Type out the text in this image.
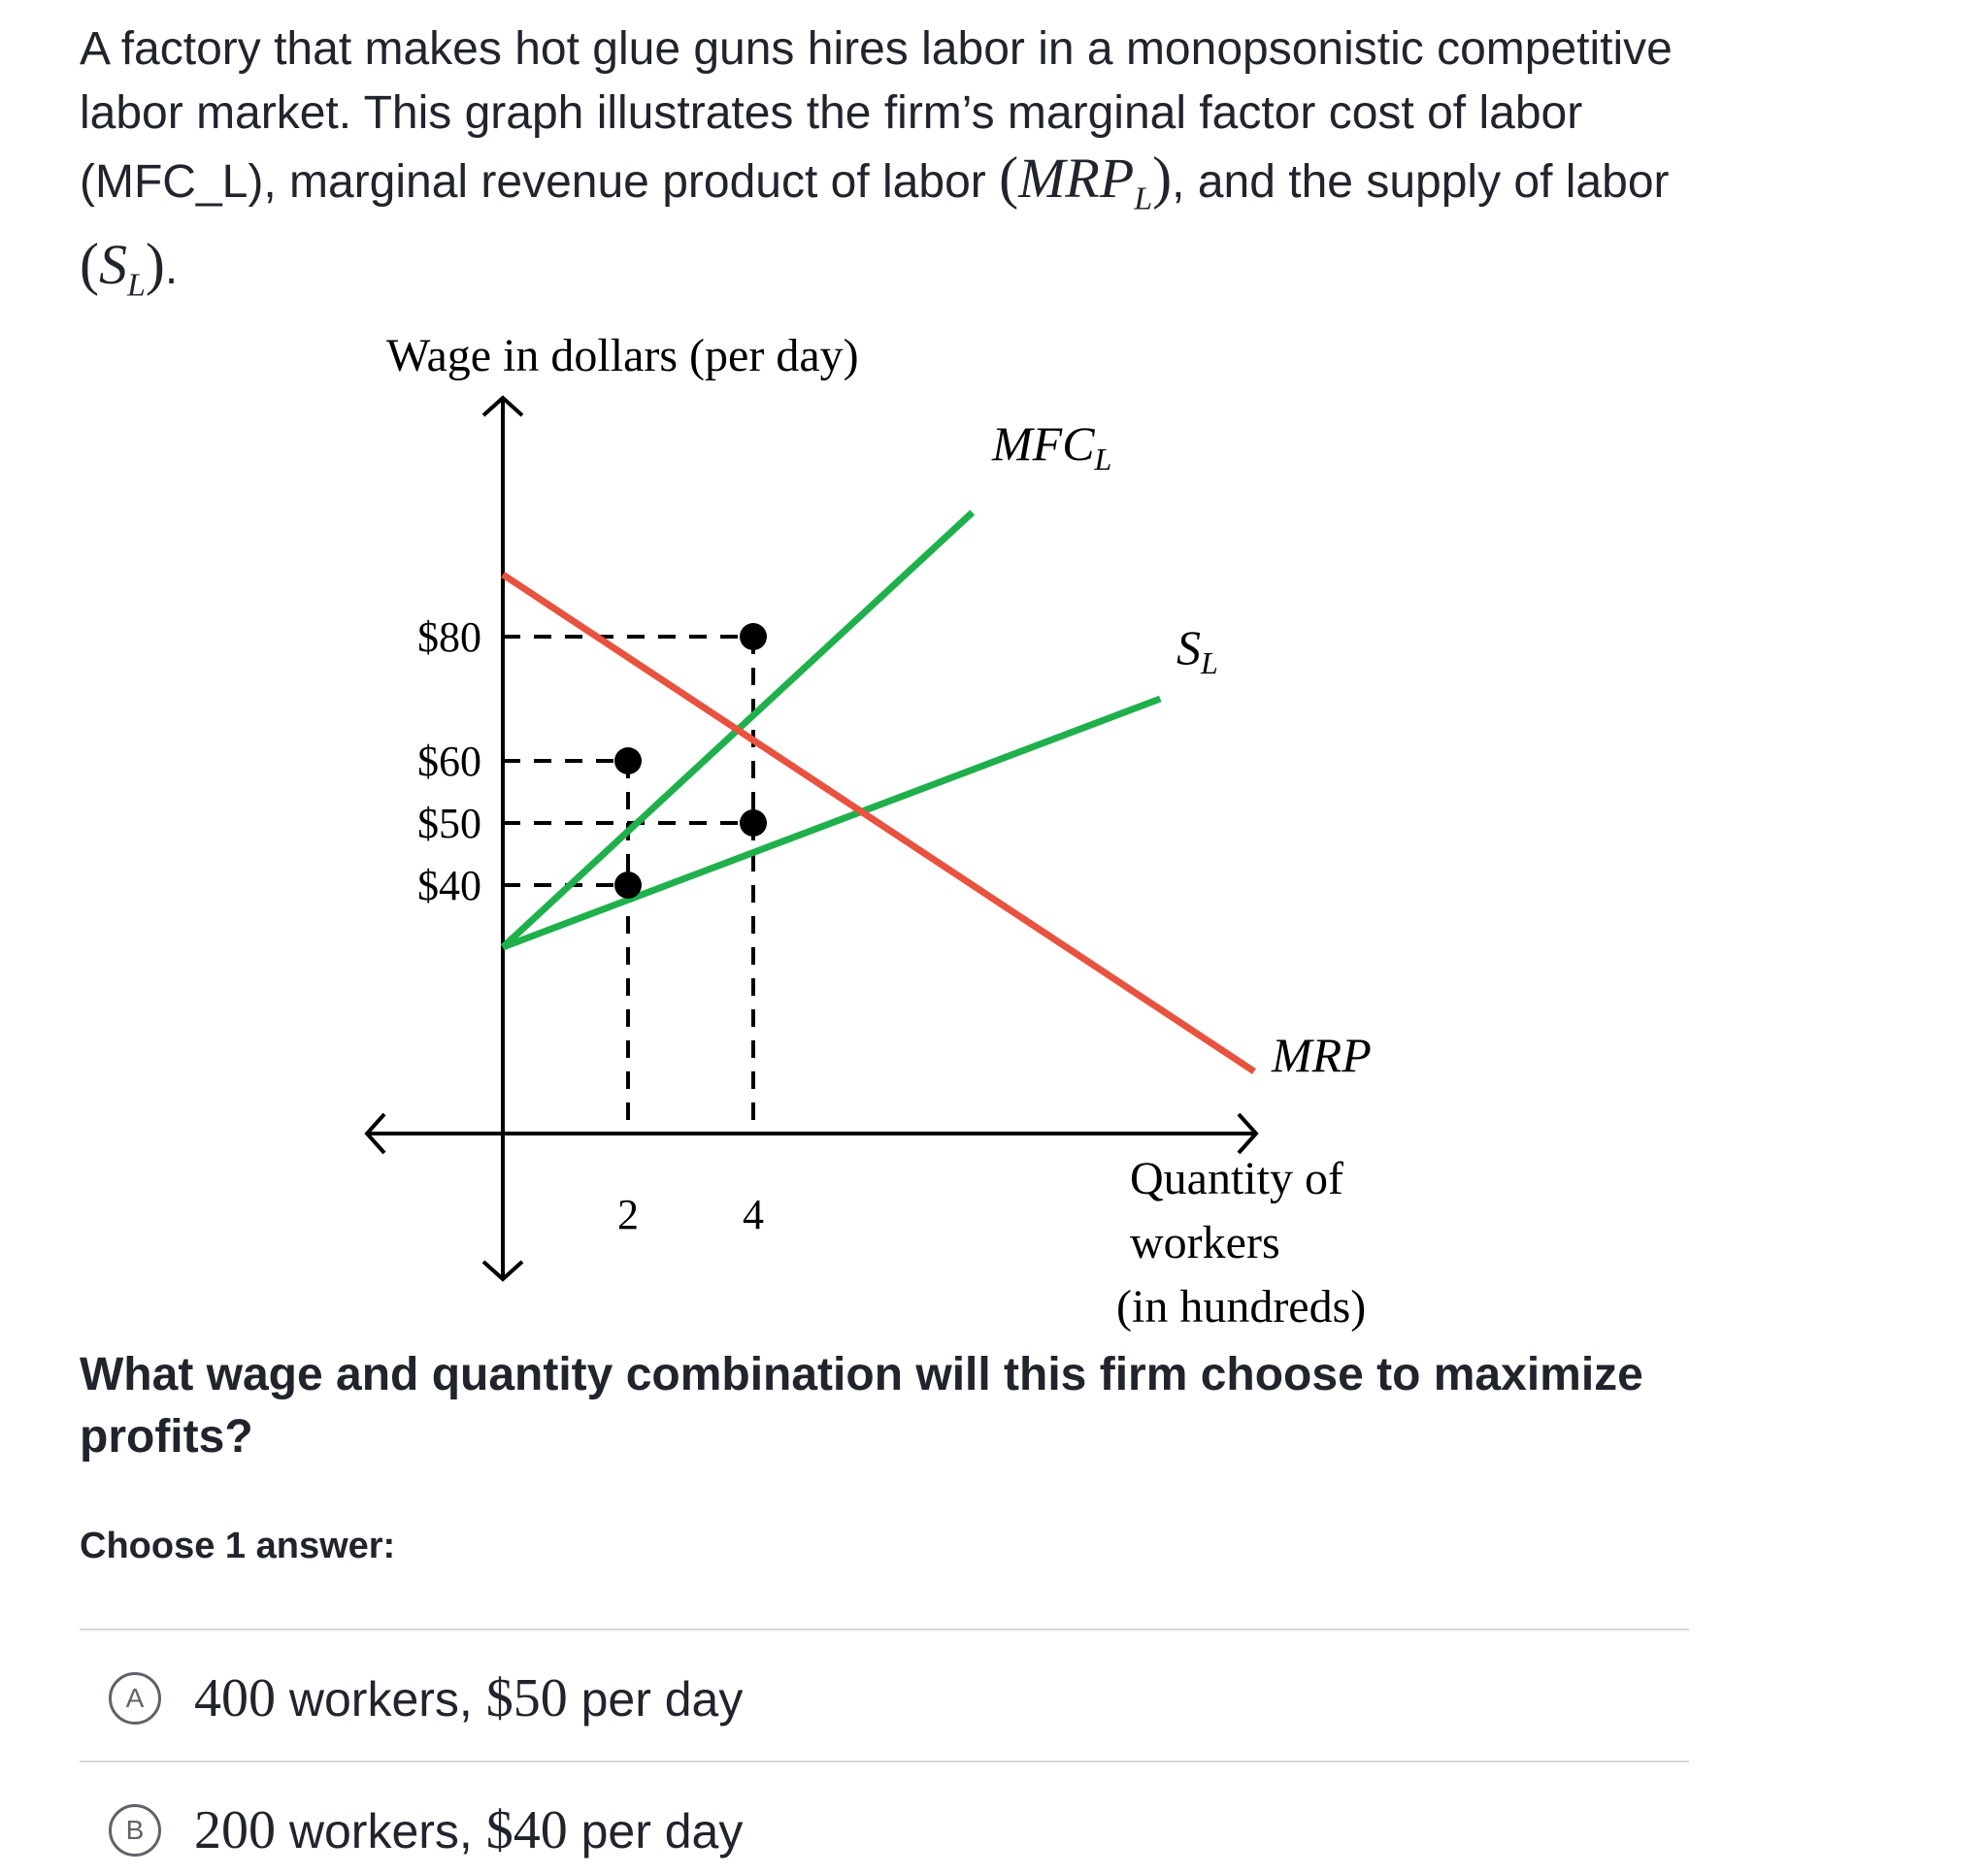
A factory that makes hot glue guns hires labor in a monopsonistic competitive labor market. This graph illustrates the firm’s marginal factor cost of labor (MFC_L), marginal revenue product of labor $(MRP_L)$, and the supply of labor $(S_L)$.

$40
$50
$60
$80
2 4
Wage in dollars (per day)
Quantity of
workers
(in hundreds)
$MFC_L$
$S_L$
MRP

What wage and quantity combination will this firm choose to maximize profits?

Choose 1 answer:
A 400 workers, $50 per day
B 200 workers, $40 per day
